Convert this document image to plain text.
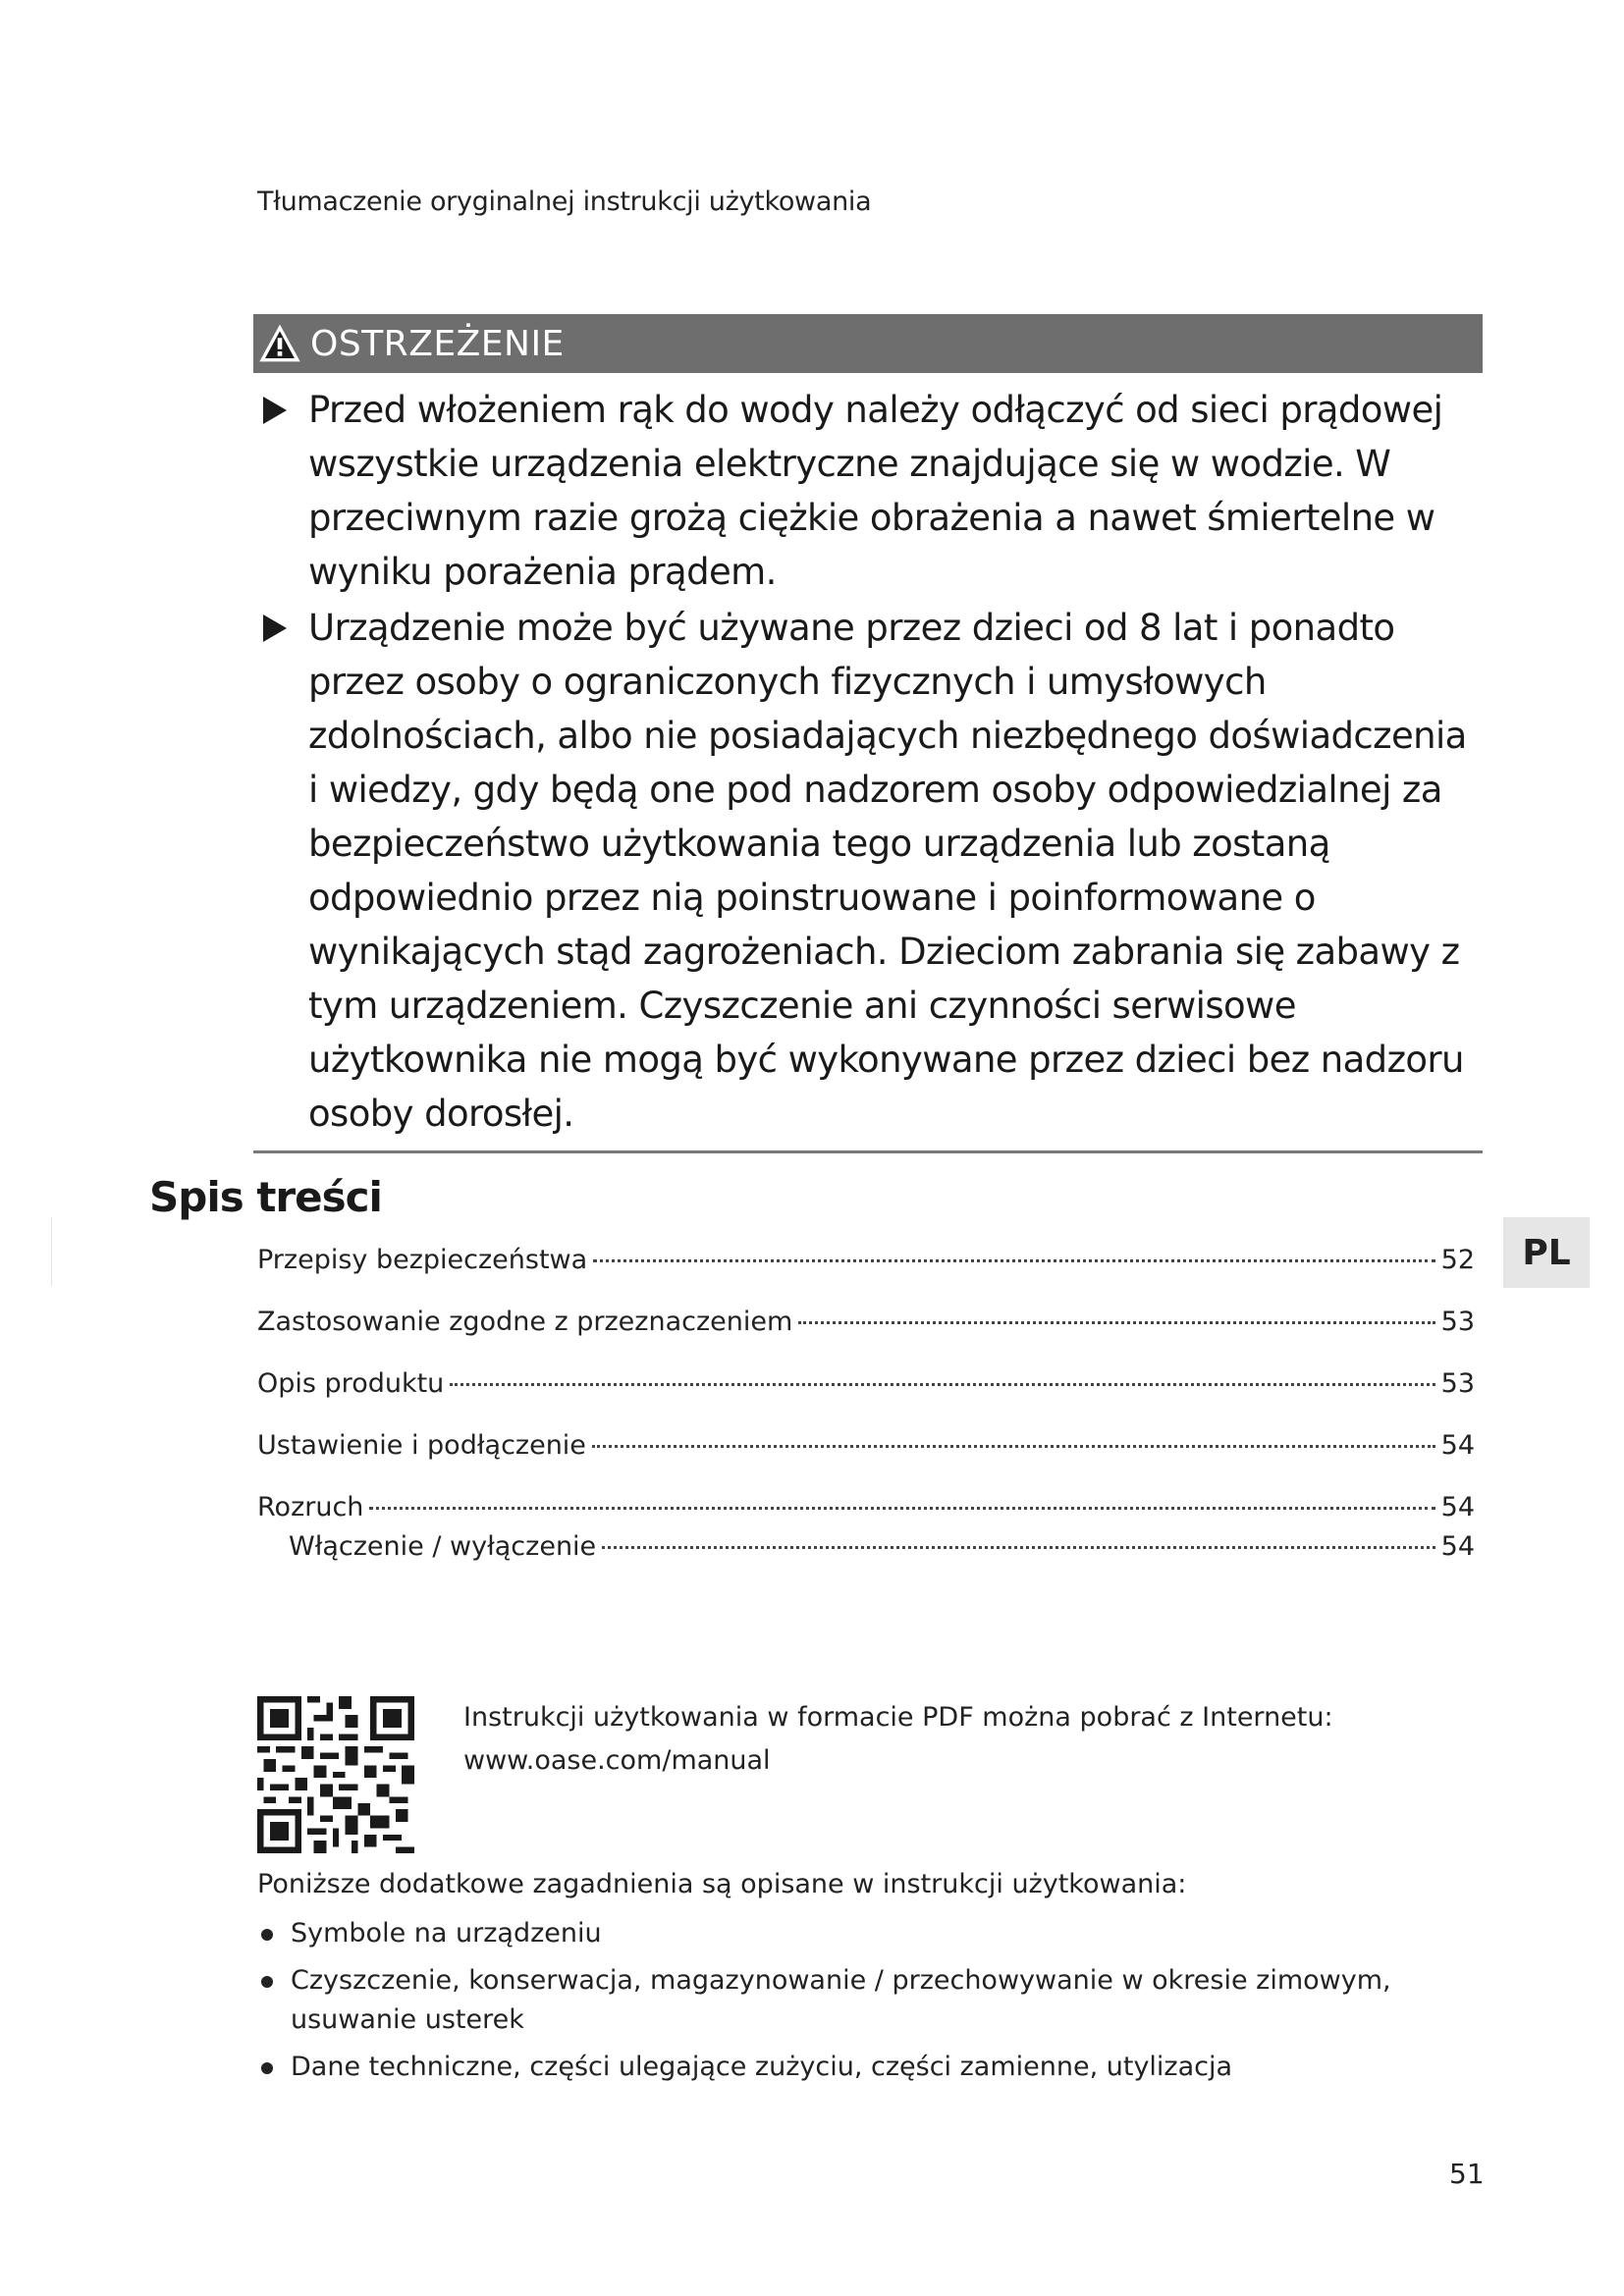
Tłumaczenie oryginalnej instrukcji użytkowania
OSTRZEŻENIE
Przed włożeniem rąk do wody należy odłączyć od sieci prądowej wszystkie urządzenia elektryczne znajdujące się w wodzie. W przeciwnym razie grożą ciężkie obrażenia a nawet śmiertelne w wyniku porażenia prądem.
Urządzenie może być używane przez dzieci od 8 lat i ponadto przez osoby o ograniczonych fizycznych i umysłowych zdolnościach, albo nie posiadających niezbędnego doświadczenia i wiedzy, gdy będą one pod nadzorem osoby odpowiedzialnej za bezpieczeństwo użytkowania tego urządzenia lub zostaną odpowiednio przez nią poinstruowane i poinformowane o wynikających stąd zagrożeniach. Dzieciom zabrania się zabawy z tym urządzeniem. Czyszczenie ani czynności serwisowe użytkownika nie mogą być wykonywane przez dzieci bez nadzoru osoby dorosłej.
Spis treści
PL
Przepisy bezpieczeństwa	52
Zastosowanie zgodne z przeznaczeniem	53
Opis produktu	53
Ustawienie i podłączenie	54
Rozruch	54
Włączenie / wyłączenie	54
Instrukcji użytkowania w formacie PDF można pobrać z Internetu:
www.oase.com/manual
Poniższe dodatkowe zagadnienia są opisane w instrukcji użytkowania:
Symbole na urządzeniu
Czyszczenie, konserwacja, magazynowanie / przechowywanie w okresie zimowym, usuwanie usterek
Dane techniczne, części ulegające zużyciu, części zamienne, utylizacja
51
